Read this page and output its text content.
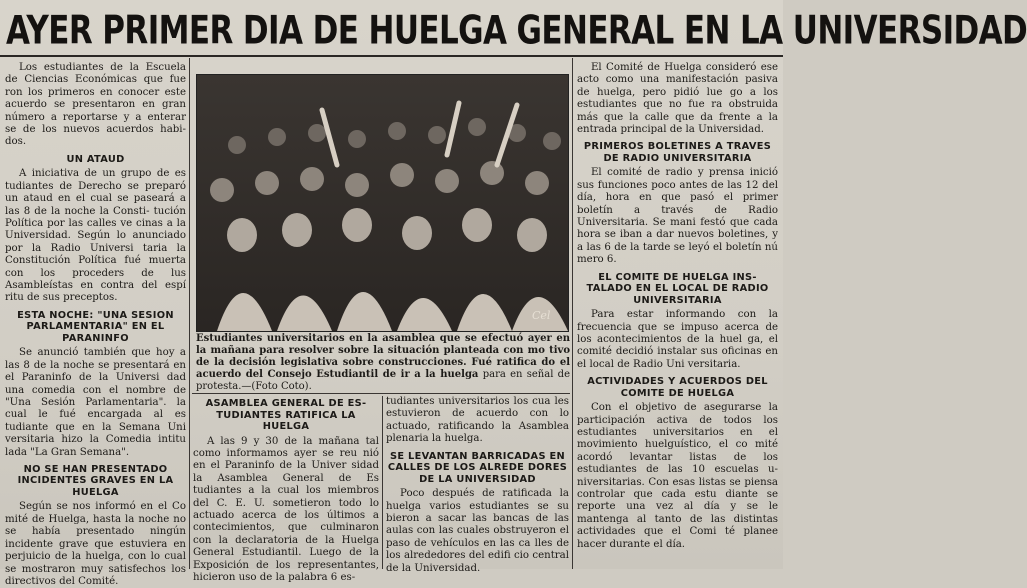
AYER PRIMER DIA DE HUELGA GENERAL EN LA UNIVERSIDAD

Los estudiantes de la Escuela de Ciencias Económicas que fue ron los primeros en conocer este acuerdo se presentaron en gran número a reportarse y a enterar se de los nuevos acuerdos habi- dos.

UN ATAUD

A iniciativa de un grupo de es tudiantes de Derecho se preparó un ataud en el cual se paseará a las 8 de la noche la Consti- tución Política por las calles ve cinas a la Universidad. Según lo anunciado por la Radio Universi taria la Constitución Política fué muerta con los proceders de lus Asambleístas en contra del espí ritu de sus preceptos.

ESTA NOCHE: "UNA SESION PARLAMENTARIA" EN EL PARANINFO

Se anunció también que hoy a las 8 de la noche se presentará en el Paraninfo de la Universi dad una comedia con el nombre de "Una Sesión Parlamentaria". la cual le fué encargada al es tudiante que en la Semana Uni versitaria hizo la Comedia intitu lada "La Gran Semana".

NO SE HAN PRESENTADO INCIDENTES GRAVES EN LA HUELGA

Según se nos informó en el Co mité de Huelga, hasta la noche no se había presentado ningún incidente grave que estuviera en perjuicio de la huelga, con lo cual se mostraron muy satisfechos los directivos del Comité.

Cel
Estudiantes universitarios en la asamblea que se efectuó ayer en la mañana para resolver sobre la situación planteada con mo tivo de la decisión legislativa sobre construcciones. Fué ratifica do el acuerdo del Consejo Estudiantil de ir a la huelga para en señal de protesta.—(Foto Coto).
ASAMBLEA GENERAL DE ES- TUDIANTES RATIFICA LA HUELGA

A las 9 y 30 de la mañana tal como informamos ayer se reu nió en el Paraninfo de la Univer sidad la Asamblea General de Es tudiantes a la cual los miembros del C. E. U. sometieron todo lo actuado acerca de los últimos a contecimientos, que culminaron con la declaratoria de la Huelga General Estudiantil. Luego de la Exposición de los representantes, hicieron uso de la palabra 6 es-

tudiantes universitarios los cua les estuvieron de acuerdo con lo actuado, ratificando la Asamblea plenaria la huelga.

SE LEVANTAN BARRICADAS EN CALLES DE LOS ALREDE DORES DE LA UNIVERSIDAD

Poco después de ratificada la huelga varios estudiantes se su bieron a sacar las bancas de las aulas con las cuales obstruyeron el paso de vehículos en las ca lles de los alrededores del edifi cio central de la Universidad.

El Comité de Huelga consideró ese acto como una manifestación pasiva de huelga, pero pidió lue go a los estudiantes que no fue ra obstruida más que la calle que da frente a la entrada principal de la Universidad.

PRIMEROS BOLETINES A TRAVES DE RADIO UNIVERSITARIA

El comité de radio y prensa inició sus funciones poco antes de las 12 del día, hora en que pasó el primer boletín a través de Radio Universitaria. Se mani festó que cada hora se iban a dar nuevos boletines, y a las 6 de la tarde se leyó el boletín nú mero 6.

EL COMITE DE HUELGA INS- TALADO EN EL LOCAL DE RADIO UNIVERSITARIA

Para estar informando con la frecuencia que se impuso acerca de los acontecimientos de la huel ga, el comité decidió instalar sus oficinas en el local de Radio Uni versitaria.

ACTIVIDADES Y ACUERDOS DEL COMITE DE HUELGA

Con el objetivo de asegurarse la participación activa de todos los estudiantes universitarios en el movimiento huelguístico, el co mité acordó levantar listas de los estudiantes de las 10 escuelas u- niversitarias. Con esas listas se piensa controlar que cada estu diante se reporte una vez al día y se le mantenga al tanto de las distintas actividades que el Comi té planee hacer durante el día.
